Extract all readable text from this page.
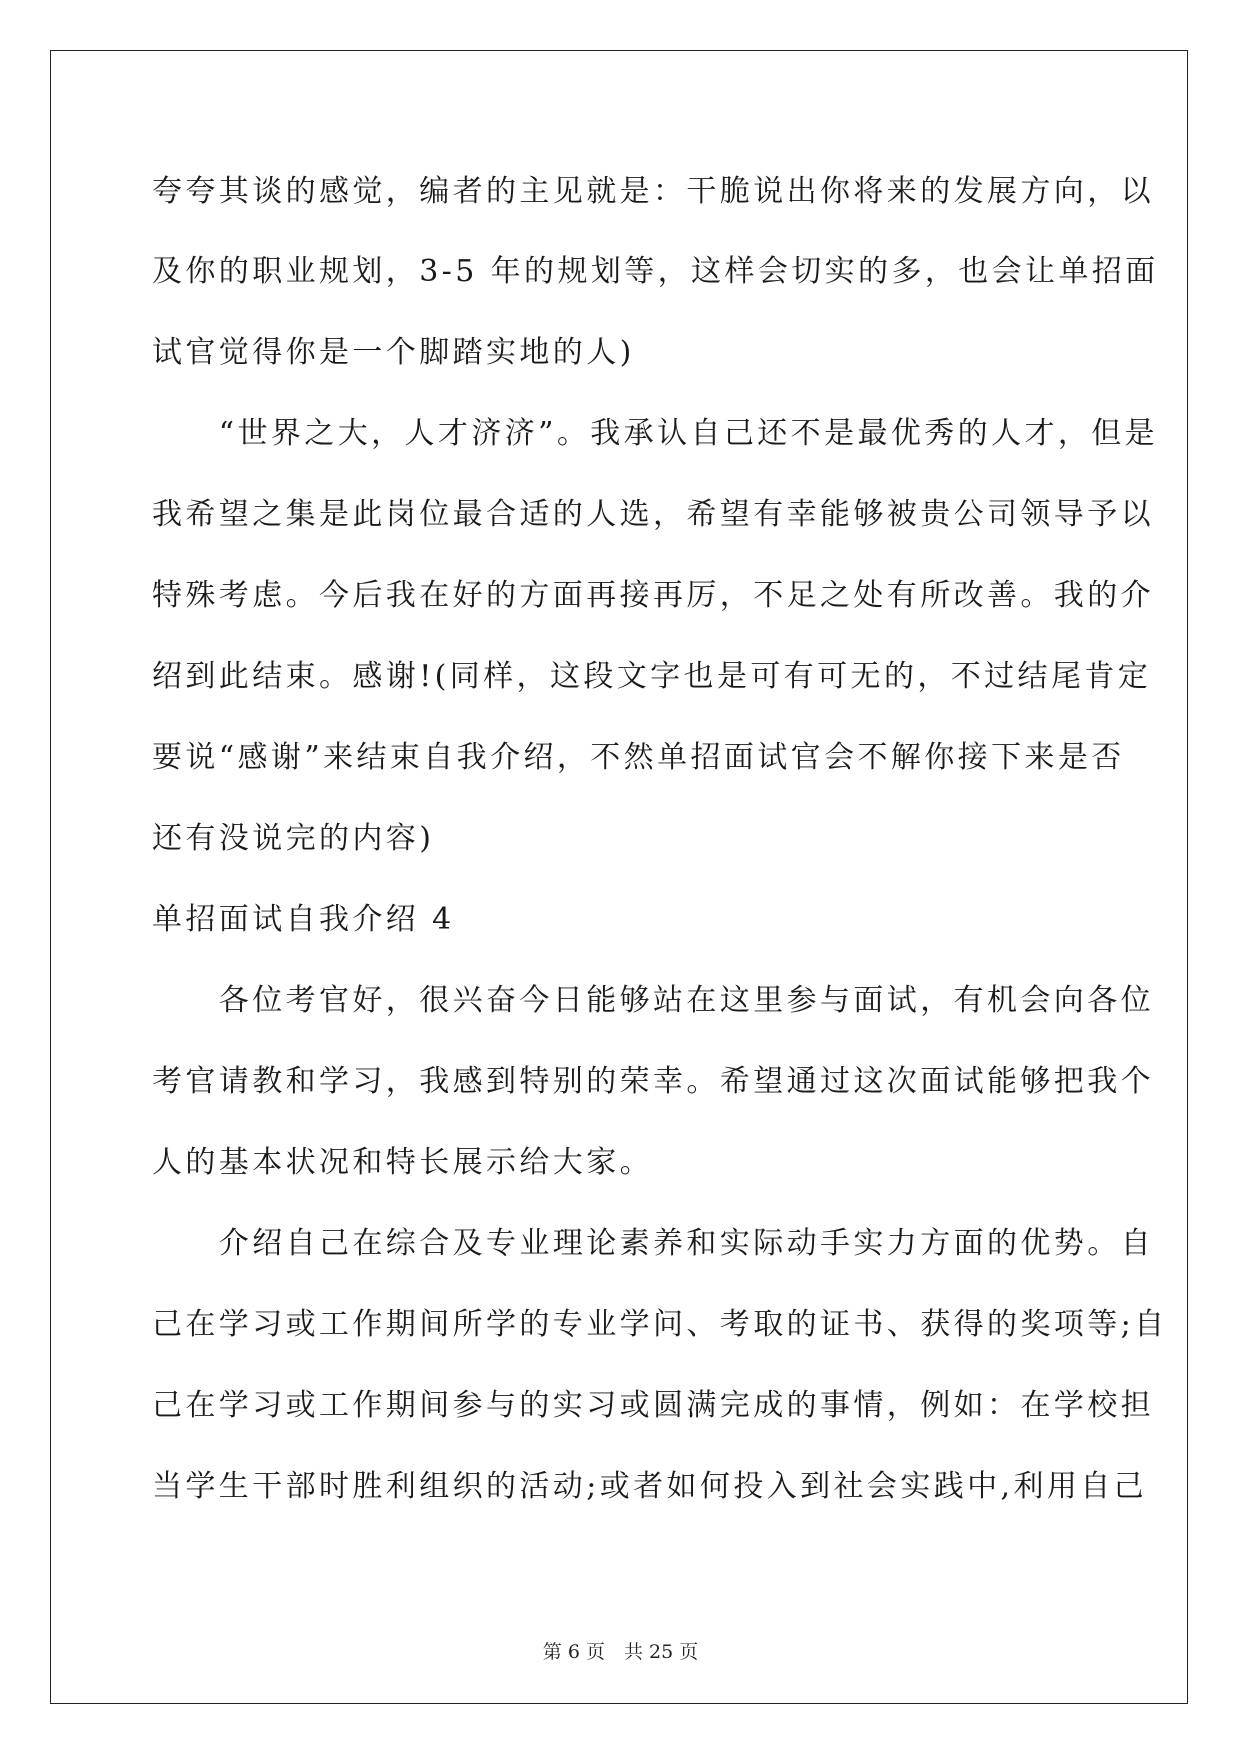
夸夸其谈的感觉，编者的主见就是：干脆说出你将来的发展方向，以
及你的职业规划，3-5 年的规划等，这样会切实的多，也会让单招面
试官觉得你是一个脚踏实地的人)
　　“世界之大，人才济济”。我承认自己还不是最优秀的人才，但是
我希望之集是此岗位最合适的人选，希望有幸能够被贵公司领导予以
特殊考虑。今后我在好的方面再接再厉，不足之处有所改善。我的介
绍到此结束。感谢!(同样，这段文字也是可有可无的，不过结尾肯定
要说“感谢”来结束自我介绍，不然单招面试官会不解你接下来是否
还有没说完的内容)
单招面试自我介绍 4
　　各位考官好，很兴奋今日能够站在这里参与面试，有机会向各位
考官请教和学习，我感到特别的荣幸。希望通过这次面试能够把我个
人的基本状况和特长展示给大家。
　　介绍自己在综合及专业理论素养和实际动手实力方面的优势。自
己在学习或工作期间所学的专业学问、考取的证书、获得的奖项等;自
己在学习或工作期间参与的实习或圆满完成的事情，例如：在学校担
当学生干部时胜利组织的活动;或者如何投入到社会实践中,利用自己
第 6 页　共 25 页
